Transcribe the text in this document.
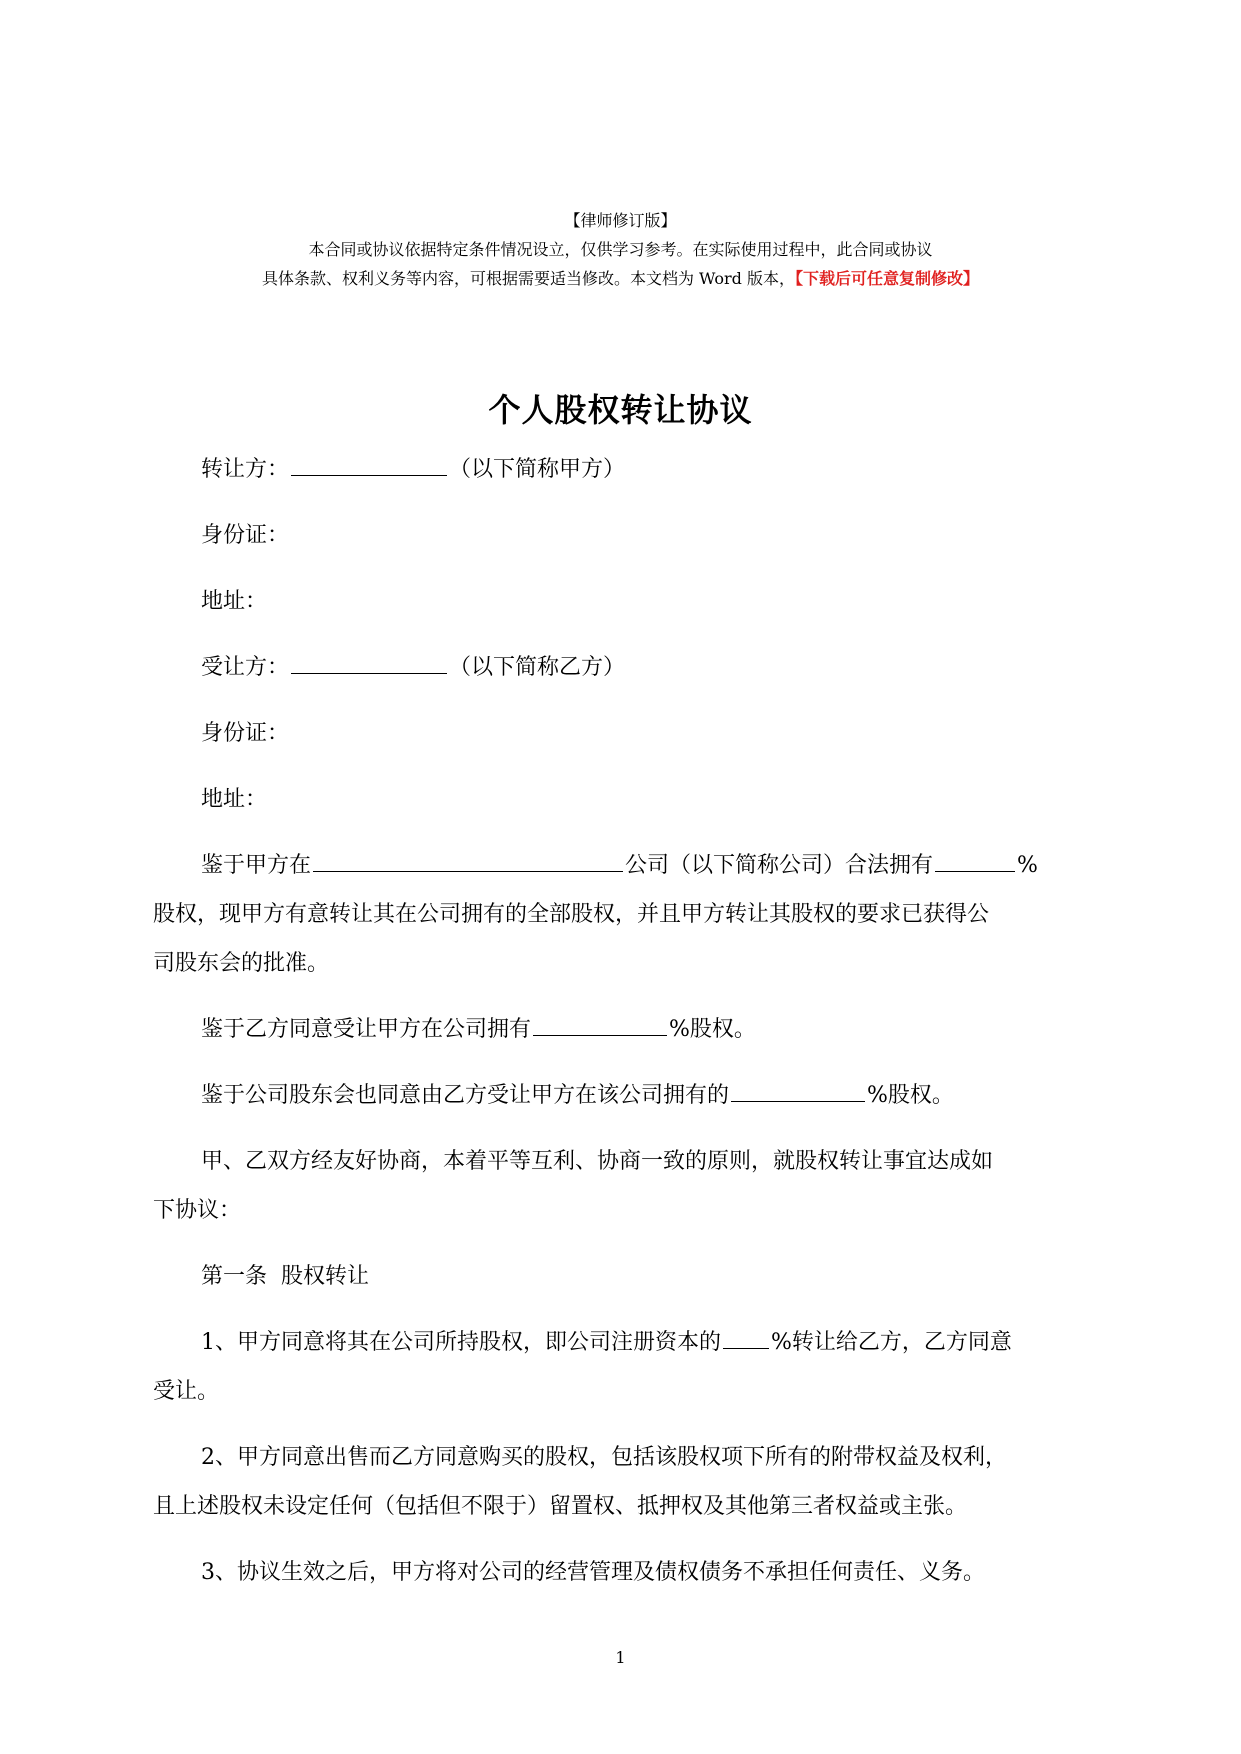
【律师修订版】
本合同或协议依据特定条件情况设立，仅供学习参考。在实际使用过程中，此合同或协议
具体条款、权利义务等内容，可根据需要适当修改。本文档为 Word 版本，【下载后可任意复制修改】
个人股权转让协议
转让方：	（以下简称甲方）
身份证：
地址：
受让方：	（以下简称乙方）
身份证：
地址：
鉴于甲方在	公司（以下简称公司）合法拥有	%
股权，现甲方有意转让其在公司拥有的全部股权，并且甲方转让其股权的要求已获得公
司股东会的批准。
鉴于乙方同意受让甲方在公司拥有	%股权。
鉴于公司股东会也同意由乙方受让甲方在该公司拥有的	%股权。
甲、乙双方经友好协商，本着平等互利、协商一致的原则，就股权转让事宜达成如
下协议：
第一条  股权转让
1、甲方同意将其在公司所持股权，即公司注册资本的 %转让给乙方，乙方同意
受让。
2、甲方同意出售而乙方同意购买的股权，包括该股权项下所有的附带权益及权利，
且上述股权未设定任何（包括但不限于）留置权、抵押权及其他第三者权益或主张。
3、协议生效之后，甲方将对公司的经营管理及债权债务不承担任何责任、义务。
1
